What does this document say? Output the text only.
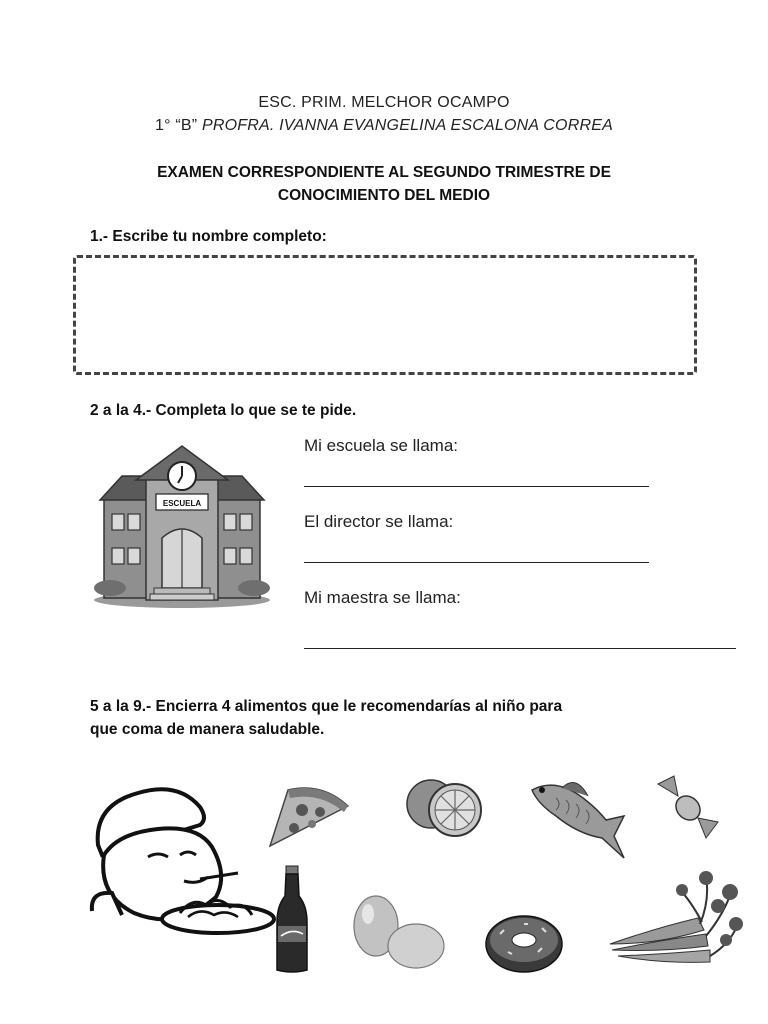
ESC. PRIM. MELCHOR OCAMPO
1° “B” PROFRA. IVANNA EVANGELINA ESCALONA CORREA
EXAMEN CORRESPONDIENTE AL SEGUNDO TRIMESTRE DE
CONOCIMIENTO DEL MEDIO
1.- Escribe tu nombre completo:
2 a la 4.- Completa lo que se te pide.
ESCUELA
Mi escuela se llama:
El director se llama:
Mi maestra se llama:
5 a la 9.- Encierra 4 alimentos que le recomendarías al niño para
que coma de manera saludable.
